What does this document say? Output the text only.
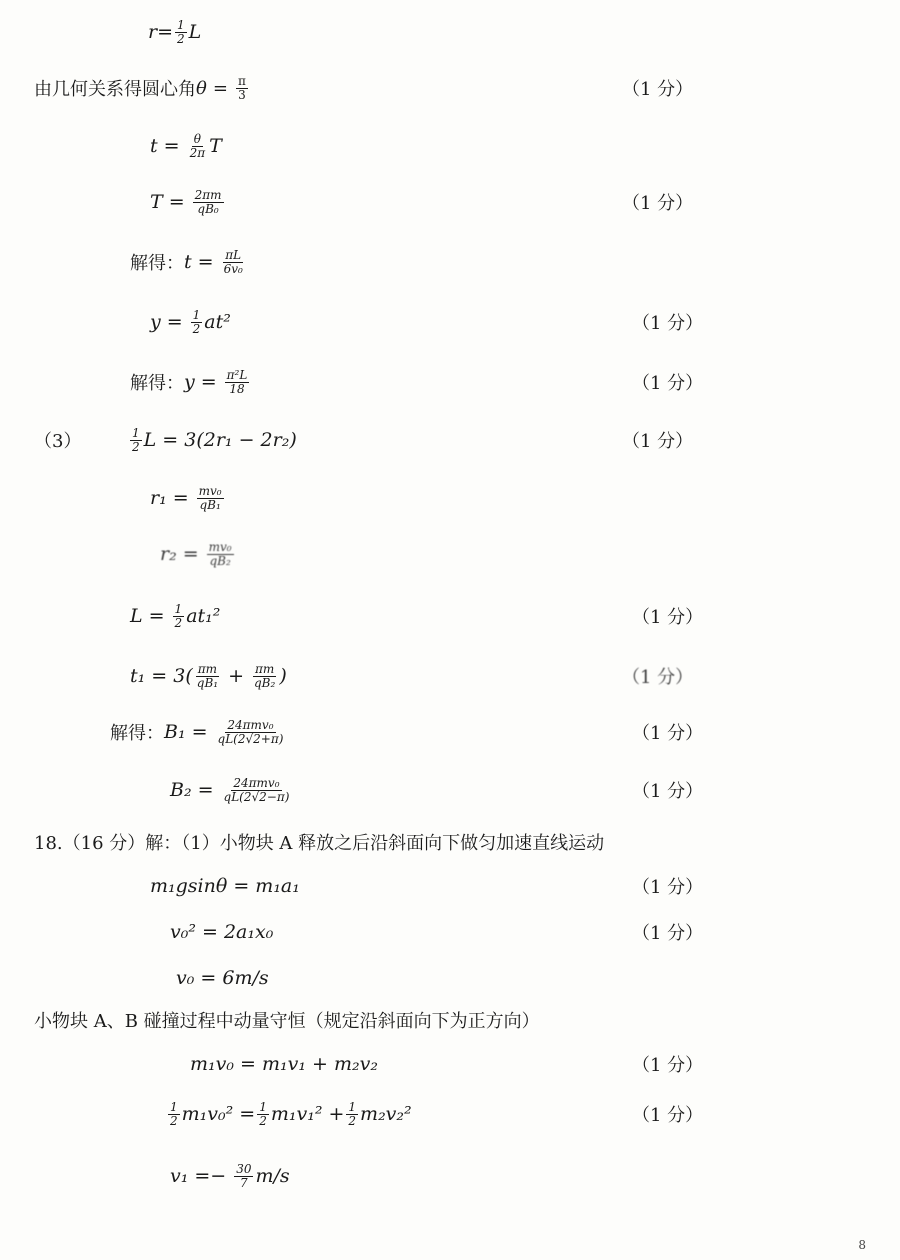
$r = \frac{1}{2}$ L
由几何关系得圆心角 $\theta = \frac{\pi}{3}$	（1 分）
$t = \frac{\theta}{2\pi}$ T
$T = \frac{2\pi m}{\text{qB₀}}$	（1 分）
解得： $t = \frac{\pi L}{\text{6v₀}}$
$y = \frac{1}{2} at^2$	（1 分）
解得： $y = \frac{\text{π²L}}{18}$	（1 分）
（3）	$\frac{1}{2}$ L = 3(2r₁ − 2r₂)	（1 分）
$r_1 = \frac{\text{mv₀}}{\text{qB₁}}$
$r_2 = \frac{\text{mv₀}}{\text{qB₂}}$
$L = \frac{1}{2} at_1^2$	（1 分）
$t_1 = 3( \frac{\pi m}{\text{qB₁}} + \frac{\pi m}{\text{qB₂}}$ )	（1 分）
解得： $B_1 = \frac{\text{24πmv₀}}{qL(2√2+\pi)}$	（1 分）
$B_2 = \frac{\text{24πmv₀}}{qL(2√2-\pi)}$	（1 分）
18.（16 分）解：（1）小物块 A 释放之后沿斜面向下做匀加速直线运动
m₁gsinθ = m₁a₁	（1 分）
v₀² = 2a₁x₀	（1 分）
v₀ = 6m/s
小物块 A、B 碰撞过程中动量守恒（规定沿斜面向下为正方向）
m₁v₀ = m₁v₁ + m₂v₂	（1 分）
$\frac{1}{2} m_1v_0^2 = \frac{1}{2} m_1v_1^2 + \frac{1}{2} m_2v_2^2$	（1 分）
$v_1 =- \frac{30}{7} m/s$
8
